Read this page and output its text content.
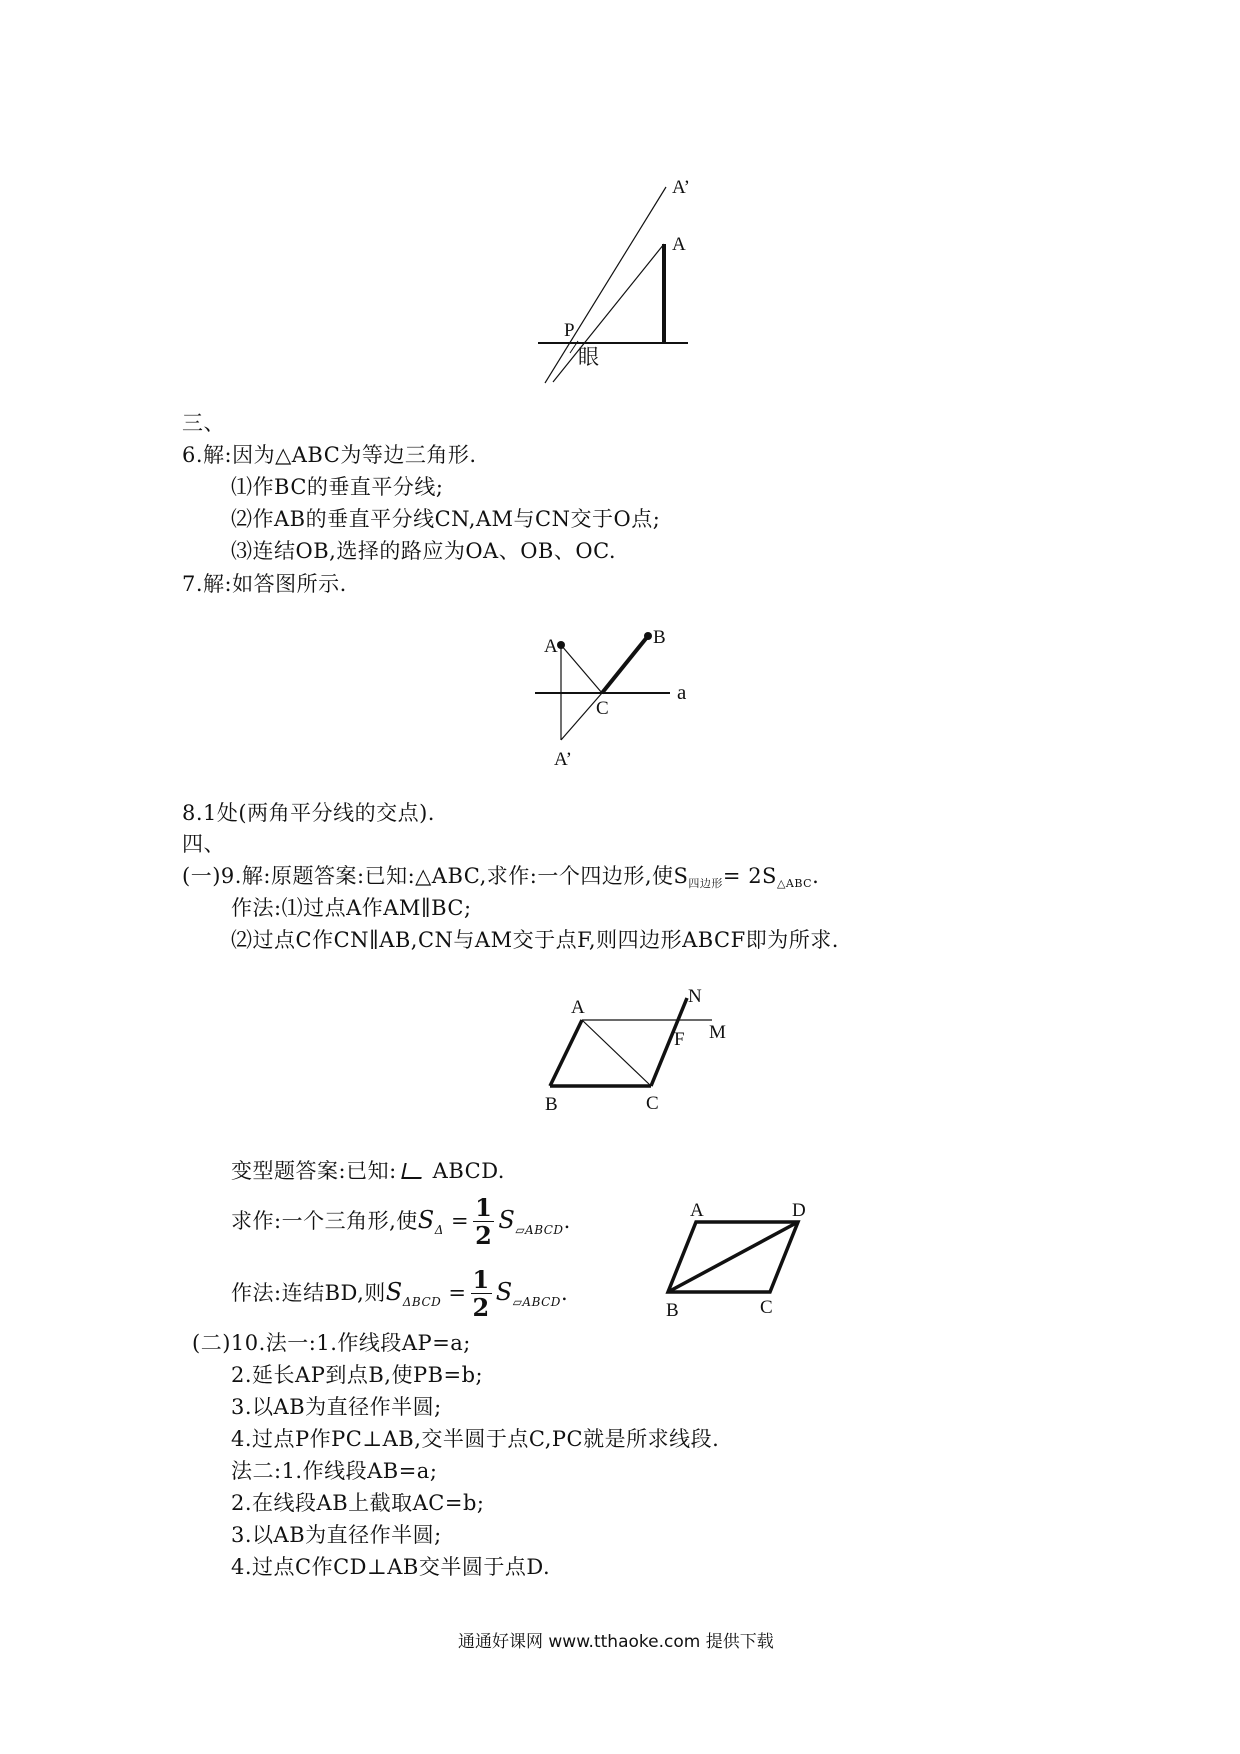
A’
A
P
眼
三、
6.解:因为△ABC为等边三角形.
⑴作BC的垂直平分线;
⑵作AB的垂直平分线CN,AM与CN交于O点;
⑶连结OB,选择的路应为OA、OB、OC.
7.解:如答图所示.
A	B
C
a
A’
8.1处(两角平分线的交点).
四、
(一)9.解:原题答案:已知:△ABC,求作:一个四边形,使S四边形= 2S△ABC.
作法:⑴过点A作AM∥BC;
⑵过点C作CN∥AB,CN与AM交于点F,则四边形ABCF即为所求.
A
N
F M
B	C
变型题答案:已知: ABCD.
求作:一个三角形,使$S_\Delta = \frac{1}{2} S_{▱ABCD}$.
作法:连结BD,则$S_{\Delta BCD} = \frac{1}{2} S_{▱ABCD}$.
A	D
B	C
(二)10.法一:1.作线段AP=a;
2.延长AP到点B,使PB=b;
3.以AB为直径作半圆;
4.过点P作PC⊥AB,交半圆于点C,PC就是所求线段.
法二:1.作线段AB=a;
2.在线段AB上截取AC=b;
3.以AB为直径作半圆;
4.过点C作CD⊥AB交半圆于点D.
通通好课网 www.tthaoke.com 提供下载
